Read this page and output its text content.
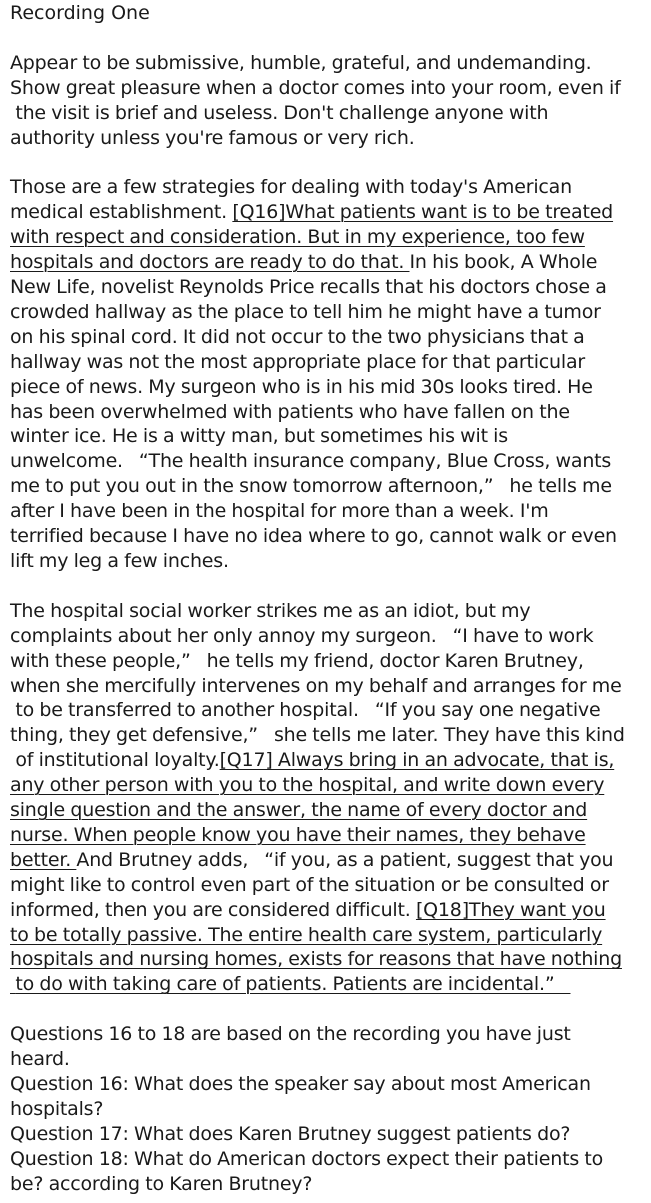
Recording One

Appear to be submissive, humble, grateful, and undemanding.
Show great pleasure when a doctor comes into your room, even if
the visit is brief and useless. Don't challenge anyone with
authority unless you're famous or very rich.

Those are a few strategies for dealing with today's American
medical establishment. [Q16]What patients want is to be treated
with respect and consideration. But in my experience, too few
hospitals and doctors are ready to do that. In his book, A Whole
New Life, novelist Reynolds Price recalls that his doctors chose a
crowded hallway as the place to tell him he might have a tumor
on his spinal cord. It did not occur to the two physicians that a
hallway was not the most appropriate place for that particular
piece of news. My surgeon who is in his mid 30s looks tired. He
has been overwhelmed with patients who have fallen on the
winter ice. He is a witty man, but sometimes his wit is
unwelcome.   “The health insurance company, Blue Cross, wants
me to put you out in the snow tomorrow afternoon,”   he tells me
after I have been in the hospital for more than a week. I'm
terrified because I have no idea where to go, cannot walk or even
lift my leg a few inches.

The hospital social worker strikes me as an idiot, but my
complaints about her only annoy my surgeon.   “I have to work
with these people,”   he tells my friend, doctor Karen Brutney,
when she mercifully intervenes on my behalf and arranges for me
to be transferred to another hospital.   “If you say one negative
thing, they get defensive,”   she tells me later. They have this kind
of institutional loyalty.[Q17] Always bring in an advocate, that is,
any other person with you to the hospital, and write down every
single question and the answer, the name of every doctor and
nurse. When people know you have their names, they behave
better. And Brutney adds,   “if you, as a patient, suggest that you
might like to control even part of the situation or be consulted or
informed, then you are considered difficult. [Q18]They want you
to be totally passive. The entire health care system, particularly
hospitals and nursing homes, exists for reasons that have nothing
to do with taking care of patients. Patients are incidental.”

Questions 16 to 18 are based on the recording you have just
heard.

Question 16: What does the speaker say about most American
hospitals?

Question 17: What does Karen Brutney suggest patients do?

Question 18: What do American doctors expect their patients to
be? according to Karen Brutney?
